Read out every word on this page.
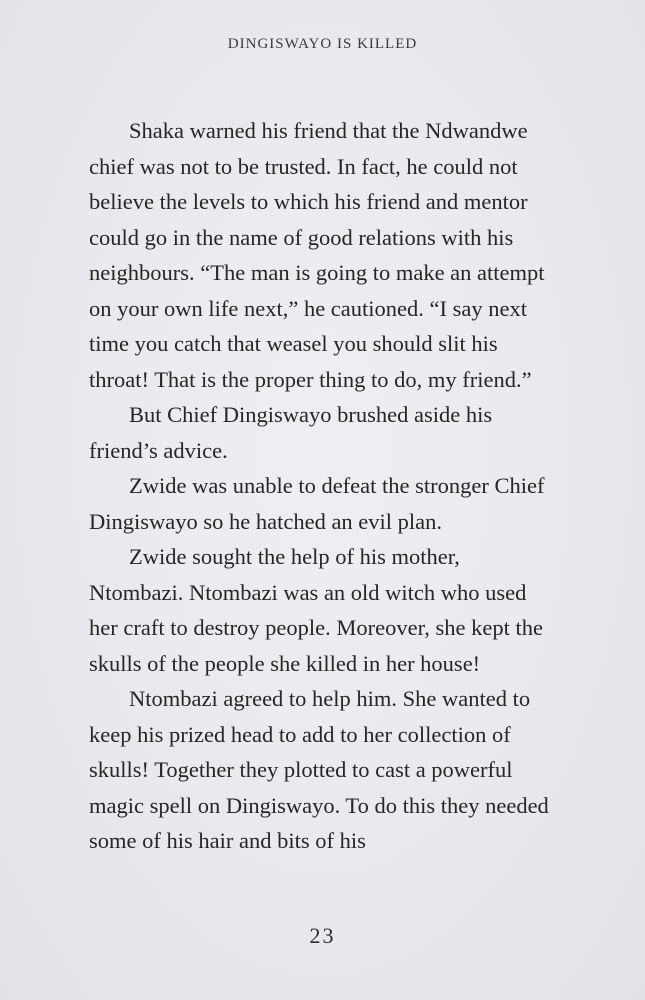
DINGISWAYO IS KILLED

Shaka warned his friend that the Ndwandwe chief was not to be trusted. In fact, he could not believe the levels to which his friend and mentor could go in the name of good relations with his neighbours. “The man is going to make an attempt on your own life next,” he cautioned. “I say next time you catch that weasel you should slit his throat! That is the proper thing to do, my friend.”

But Chief Dingiswayo brushed aside his friend’s advice.

Zwide was unable to defeat the stronger Chief Dingiswayo so he hatched an evil plan.

Zwide sought the help of his mother, Ntombazi. Ntombazi was an old witch who used her craft to destroy people. Moreover, she kept the skulls of the people she killed in her house!

Ntombazi agreed to help him. She wanted to keep his prized head to add to her collection of skulls! Together they plotted to cast a powerful magic spell on Dingiswayo. To do this they needed some of his hair and bits of his

23
